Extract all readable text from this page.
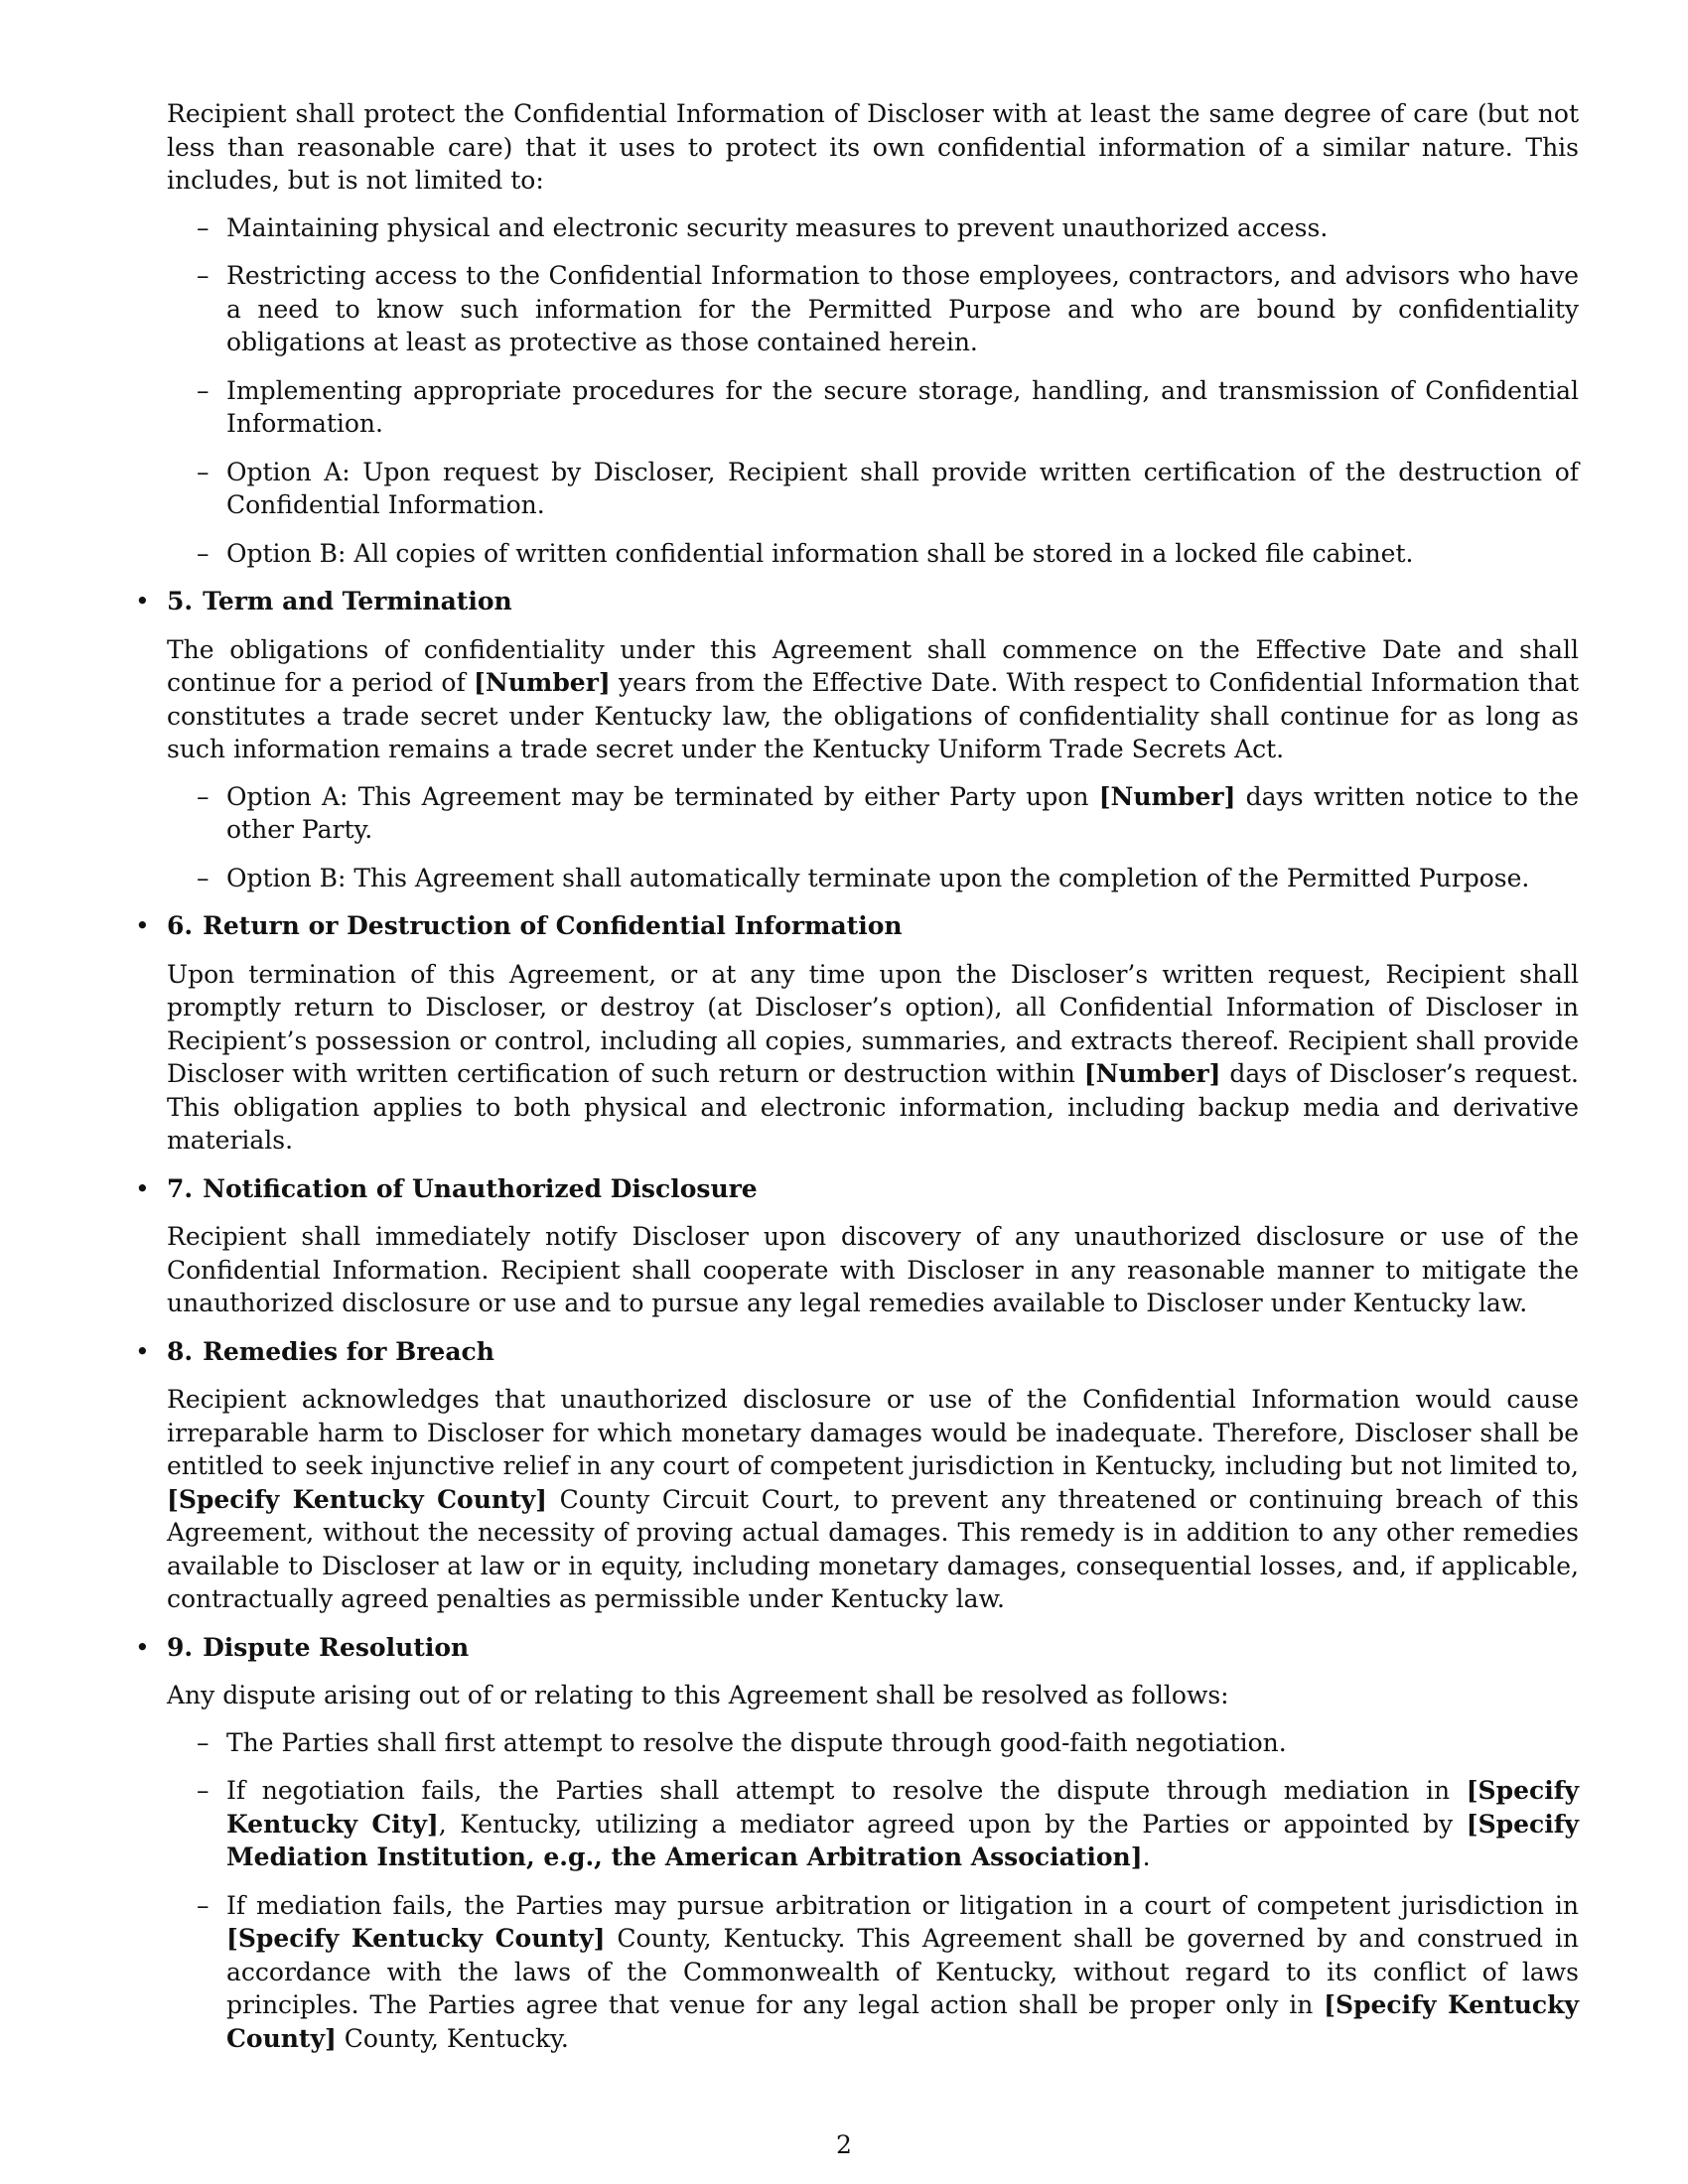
Recipient shall protect the Confidential Information of Discloser with at least the same degree of care (but not less than reasonable care) that it uses to protect its own confidential information of a similar nature. This includes, but is not limited to:

– Maintaining physical and electronic security measures to prevent unauthorized access.
– Restricting access to the Confidential Information to those employees, contractors, and advisors who have a need to know such information for the Permitted Purpose and who are bound by confidentiality obligations at least as protective as those contained herein.
– Implementing appropriate procedures for the secure storage, handling, and transmission of Confidential Information.
– Option A: Upon request by Discloser, Recipient shall provide written certification of the destruction of Confidential Information.
– Option B: All copies of written confidential information shall be stored in a locked file cabinet.
• 5. Term and Termination

The obligations of confidentiality under this Agreement shall commence on the Effective Date and shall continue for a period of [Number] years from the Effective Date. With respect to Confidential Information that constitutes a trade secret under Kentucky law, the obligations of confidentiality shall continue for as long as such information remains a trade secret under the Kentucky Uniform Trade Secrets Act.

– Option A: This Agreement may be terminated by either Party upon [Number] days written notice to the other Party.
– Option B: This Agreement shall automatically terminate upon the completion of the Permitted Purpose.
• 6. Return or Destruction of Confidential Information

Upon termination of this Agreement, or at any time upon the Discloser’s written request, Recipient shall promptly return to Discloser, or destroy (at Discloser’s option), all Confidential Information of Discloser in Recipient’s possession or control, including all copies, summaries, and extracts thereof. Recipient shall provide Discloser with written certification of such return or destruction within [Number] days of Discloser’s request. This obligation applies to both physical and electronic information, including backup media and derivative materials.

• 7. Notification of Unauthorized Disclosure

Recipient shall immediately notify Discloser upon discovery of any unauthorized disclosure or use of the Confidential Information. Recipient shall cooperate with Discloser in any reasonable manner to mitigate the unauthorized disclosure or use and to pursue any legal remedies available to Discloser under Kentucky law.

• 8. Remedies for Breach

Recipient acknowledges that unauthorized disclosure or use of the Confidential Information would cause irreparable harm to Discloser for which monetary damages would be inadequate. Therefore, Discloser shall be entitled to seek injunctive relief in any court of competent jurisdiction in Kentucky, including but not limited to, [Specify Kentucky County] County Circuit Court, to prevent any threatened or continuing breach of this Agreement, without the necessity of proving actual damages. This remedy is in addition to any other remedies available to Discloser at law or in equity, including monetary damages, consequential losses, and, if applicable, contractually agreed penalties as permissible under Kentucky law.

• 9. Dispute Resolution

Any dispute arising out of or relating to this Agreement shall be resolved as follows:

– The Parties shall first attempt to resolve the dispute through good-faith negotiation.
– If negotiation fails, the Parties shall attempt to resolve the dispute through mediation in [Specify Kentucky City], Kentucky, utilizing a mediator agreed upon by the Parties or appointed by [Specify Mediation Institution, e.g., the American Arbitration Association].
– If mediation fails, the Parties may pursue arbitration or litigation in a court of competent jurisdiction in [Specify Kentucky County] County, Kentucky. This Agreement shall be governed by and construed in accordance with the laws of the Commonwealth of Kentucky, without regard to its conflict of laws principles. The Parties agree that venue for any legal action shall be proper only in [Specify Kentucky County] County, Kentucky.
2
